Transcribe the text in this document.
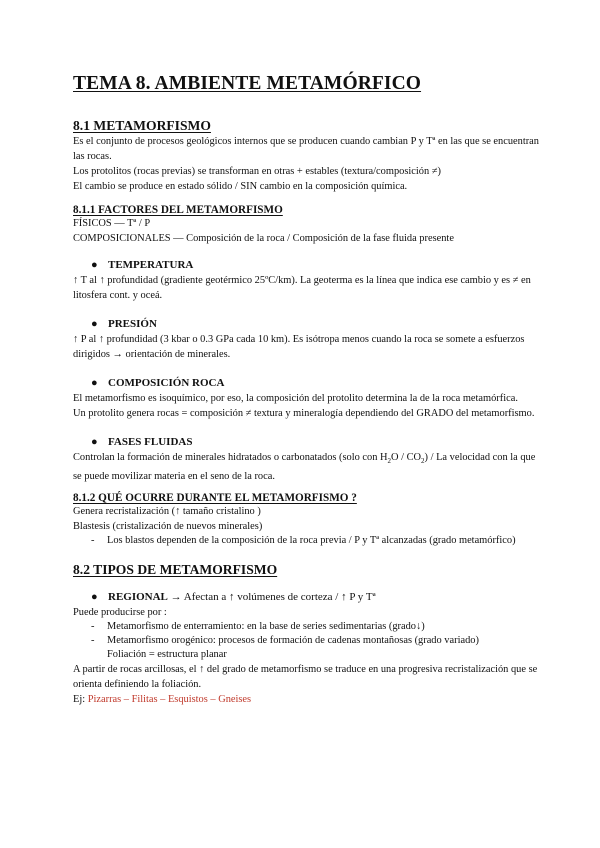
TEMA 8. AMBIENTE METAMÓRFICO
8.1 METAMORFISMO

Es el conjunto de procesos geológicos internos que se producen cuando cambian P y Tª en las que se encuentran las rocas.

Los protolitos (rocas previas) se transforman en otras + estables (textura/composición ≠)

El cambio se produce en estado sólido / SIN cambio en la composición química.

8.1.1 FACTORES DEL METAMORFISMO

FÍSICOS — Tª / P

COMPOSICIONALES — Composición de la roca / Composición de la fase fluida presente

● TEMPERATURA

↑ T al ↑ profundidad (gradiente geotérmico 25ºC/km). La geoterma es la línea que indica ese cambio y es ≠ en litosfera cont. y oceá.

● PRESIÓN

↑ P al ↑ profundidad (3 kbar o 0.3 GPa cada 10 km). Es isótropa menos cuando la roca se somete a esfuerzos dirigidos → orientación de minerales.

● COMPOSICIÓN ROCA

El metamorfismo es isoquímico, por eso, la composición del protolito determina la de la roca metamórfica.

Un protolito genera rocas = composición ≠ textura y mineralogía dependiendo del GRADO del metamorfismo.

● FASES FLUIDAS

Controlan la formación de minerales hidratados o carbonatados (solo con $H_2O / CO_2$) / La velocidad con la que se puede movilizar materia en el seno de la roca.

8.1.2 QUÉ OCURRE DURANTE EL METAMORFISMO ?

Genera recristalización (↑ tamaño cristalino )

Blastesis (cristalización de nuevos minerales)

-	Los blastos dependen de la composición de la roca previa / P y Tª alcanzadas (grado metamórfico)
8.2 TIPOS DE METAMORFISMO
● REGIONAL → Afectan a ↑ volúmenes de corteza / ↑ P y Tª

Puede producirse por :

-	Metamorfismo de enterramiento: en la base de series sedimentarias (grado↓)
-	Metamorfismo orogénico: procesos de formación de cadenas montañosas (grado variado)
Foliación = estructura planar

A partir de rocas arcillosas, el ↑ del grado de metamorfismo se traduce en una progresiva recristalización que se orienta definiendo la foliación.

Ej: Pizarras – Filitas – Esquistos – Gneises
